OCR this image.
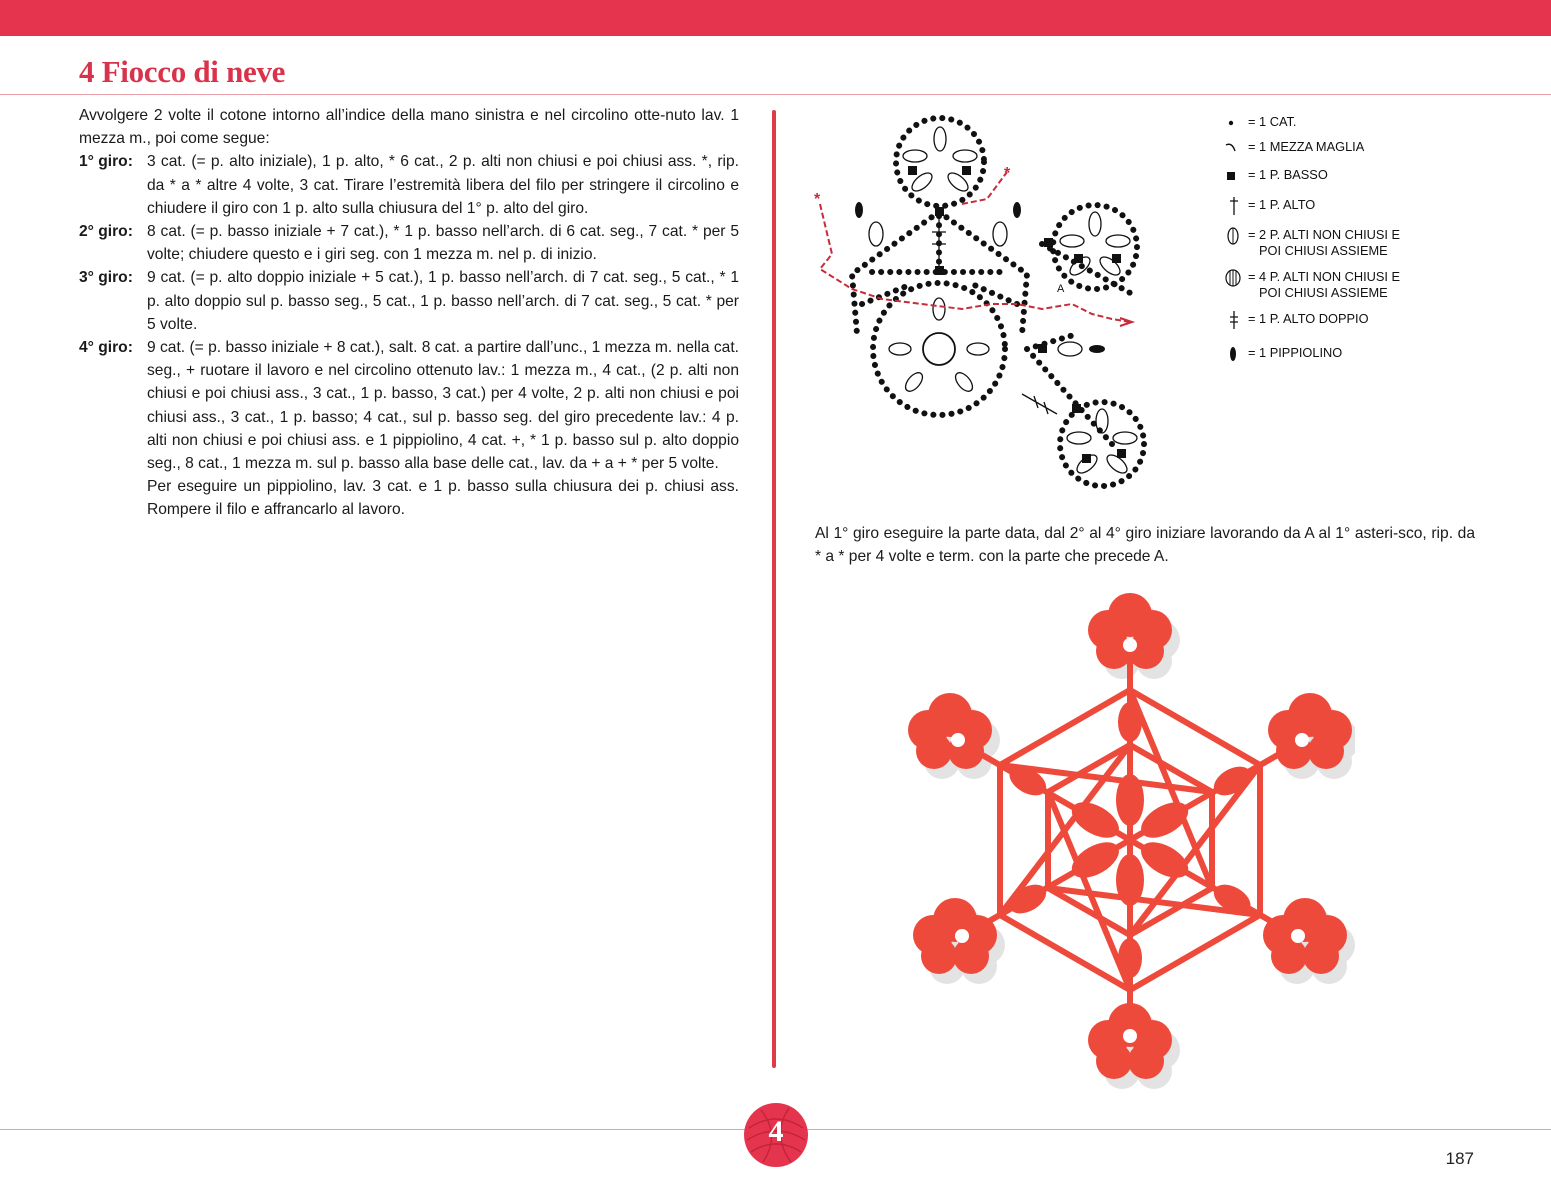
4 Fiocco di neve

Avvolgere 2 volte il cotone intorno all’indice della mano sinistra e nel circolino otte-nuto lav. 1 mezza m., poi come segue:

1° giro: 3 cat. (= p. alto iniziale), 1 p. alto, * 6 cat., 2 p. alti non chiusi e poi chiusi ass. *, rip. da * a * altre 4 volte, 3 cat. Tirare l’estremità libera del filo per stringere il circolino e chiudere il giro con 1 p. alto sulla chiusura del 1° p. alto del giro.

2° giro: 8 cat. (= p. basso iniziale + 7 cat.), * 1 p. basso nell’arch. di 6 cat. seg., 7 cat. * per 5 volte; chiudere questo e i giri seg. con 1 mezza m. nel p. di inizio.

3° giro: 9 cat. (= p. alto doppio iniziale + 5 cat.), 1 p. basso nell’arch. di 7 cat. seg., 5 cat., * 1 p. alto doppio sul p. basso seg., 5 cat., 1 p. basso nell’arch. di 7 cat. seg., 5 cat. * per 5 volte.

4° giro: 9 cat. (= p. basso iniziale + 8 cat.), salt. 8 cat. a partire dall’unc., 1 mezza m. nella cat. seg., + ruotare il lavoro e nel circolino ottenuto lav.: 1 mezza m., 4 cat., (2 p. alti non chiusi e poi chiusi ass., 3 cat., 1 p. basso, 3 cat.) per 4 volte, 2 p. alti non chiusi e poi chiusi ass., 3 cat., 1 p. basso; 4 cat., sul p. basso seg. del giro precedente lav.: 4 p. alti non chiusi e poi chiusi ass. e 1 pippiolino, 4 cat. +, * 1 p. basso sul p. alto doppio seg., 8 cat., 1 mezza m. sul p. basso alla base delle cat., lav. da + a + * per 5 volte.

Per eseguire un pippiolino, lav. 3 cat. e 1 p. basso sulla chiusura dei p. chiusi ass. Rompere il filo e affrancarlo al lavoro.

*
*
A
= 1 CAT.
= 1 MEZZA MAGLIA
= 1 P. BASSO
= 1 P. ALTO
= 2 P. ALTI NON CHIUSI E
POI CHIUSI ASSIEME
= 4 P. ALTI NON CHIUSI E
POI CHIUSI ASSIEME
= 1 P. ALTO DOPPIO
= 1 PIPPIOLINO

Al 1° giro eseguire la parte data, dal 2° al 4° giro iniziare lavorando da A al 1° asteri-sco, rip. da * a * per 4 volte e term. con la parte che precede A.

4
187
